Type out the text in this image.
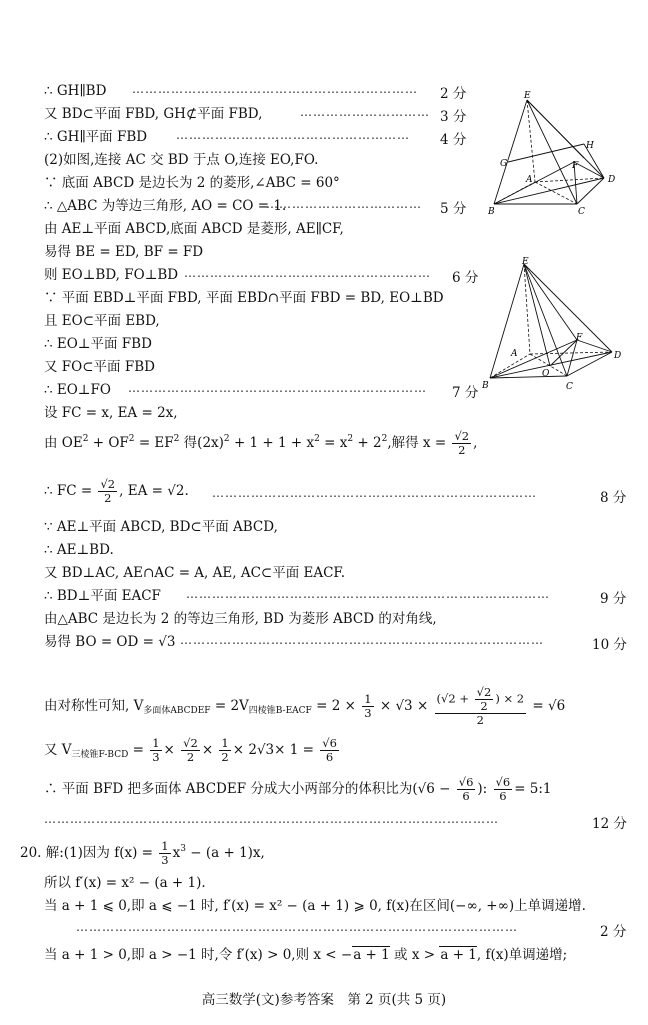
E
H
G	F
A	D
B	C
E
F
A
O
D
B	C
∴ GH∥BD …………………………………………………………	2 分
又 BD⊂平面 FBD, GH⊄平面 FBD,	………………………… 3 分
∴ GH∥平面 FBD ………………………………………………	4 分
(2)如图,连接 AC 交 BD 于点 O,连接 EO,FO.
∵ 底面 ABCD 是边长为 2 的菱形,∠ABC = 60°
∴ △ABC 为等边三角形, AO = CO = 1.
………………………………	5 分
由 AE⊥平面 ABCD,底面 ABCD 是菱形, AE∥CF,
易得 BE = ED, BF = FD
则 EO⊥BD, FO⊥BD …………………………………………………	6 分
∵ 平面 EBD⊥平面 FBD, 平面 EBD∩平面 FBD = BD, EO⊥BD
且 EO⊂平面 EBD,
∴ EO⊥平面 FBD
又 FO⊂平面 FBD
∴ EO⊥FO ……………………………………………………………	7 分
设 FC = x, EA = 2x,
由 $OE^2 + OF^2 = EF^2$ 得$(2x)^2 + 1 + 1 + x^2 = x^2 + 2^2$,解得 $x = \frac{√2}{2}$ ,
∴ FC = $\frac{√2}{2}$ , EA = √2. …………………………………………………………………	8 分
∵ AE⊥平面 ABCD, BD⊂平面 ABCD,
∴ AE⊥BD.
又 BD⊥AC, AE∩AC = A, AE, AC⊂平面 EACF.
∴ BD⊥平面 EACF …………………………………………………………………………	9 分
由△ABC 是边长为 2 的等边三角形, BD 为菱形 ABCD 的对角线,
易得 BO = OD = √3 …………………………………………………………………………	10 分
由对称性可知, $V_{多面体ABCDEF} = 2V_{四棱锥B-EACF} = 2 \times \frac{1}{3} \times √3 \times \frac{(√2 + \frac{√2}{2} ) \times 2}{2} = √6$
又 $V_{三棱锥F-BCD} = \frac{1}{3} \times \frac{√2}{2} \times \frac{1}{2} \times 2√3\times 1 = \frac{√6}{6}$
∴ 平面 BFD 把多面体 ABCDEF 分成大小两部分的体积比为($√6 - \frac{√6}{6}$ ): $\frac{√6}{6}$ = 5:1
……………………………………………………………………………………………	12 分
20. 解:(1)因为 $f(x) = \frac{1}{3} x^3 - (a + 1)x$,
所以 f′(x) = x² − (a + 1).
当 a + 1 ⩽ 0,即 a ⩽ −1 时, f′(x) = x² − (a + 1) ⩾ 0, f(x)在区间(−∞, +∞)上单调递增.
…………………………………………………………………………………………	2 分
当 a + 1 > 0,即 a > −1 时,令 f′(x) > 0,则 x < −a + 1 或 x > a + 1, f(x)单调递增;
高三数学(文)参考答案　第 2 页(共 5 页)
